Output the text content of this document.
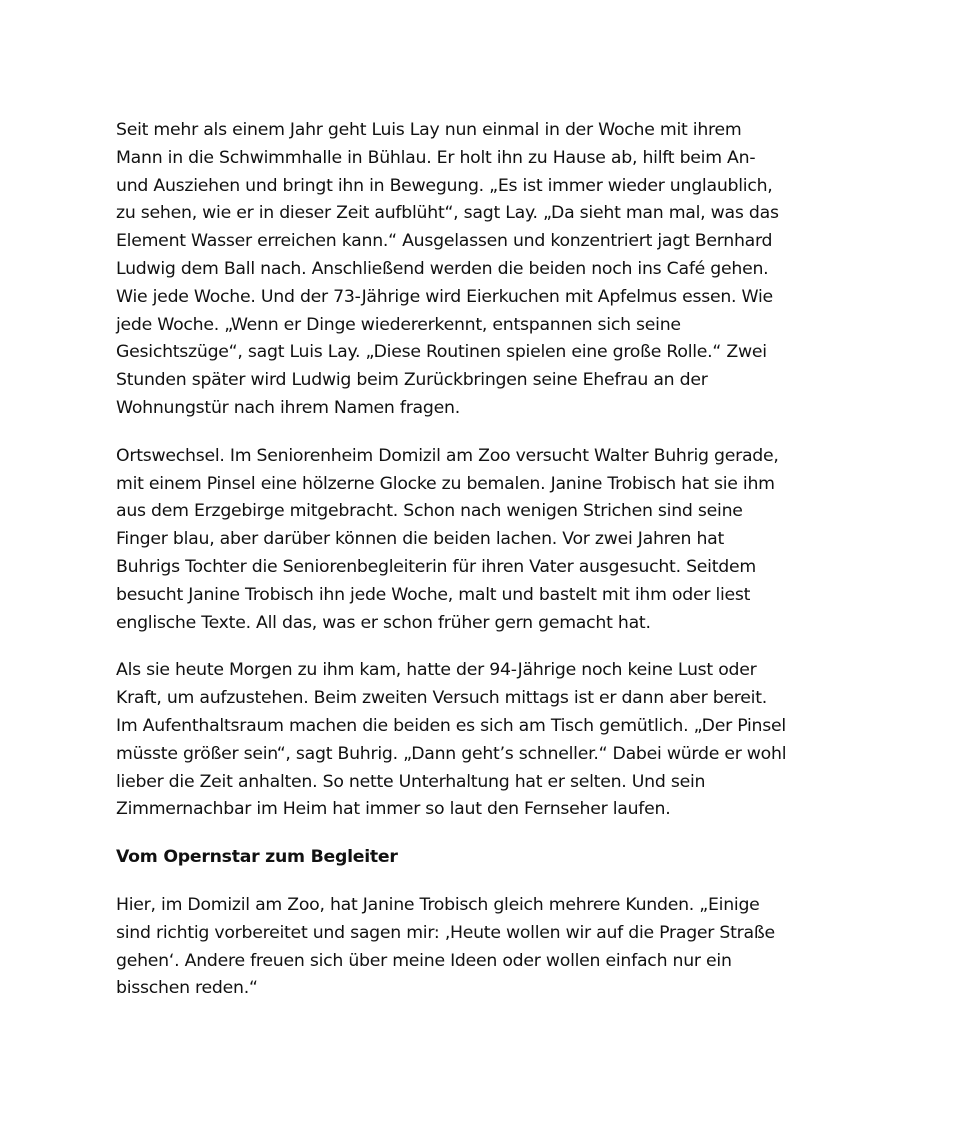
Seit mehr als einem Jahr geht Luis Lay nun einmal in der Woche mit ihrem
Mann in die Schwimmhalle in Bühlau. Er holt ihn zu Hause ab, hilft beim An-
und Ausziehen und bringt ihn in Bewegung. „Es ist immer wieder unglaublich,
zu sehen, wie er in dieser Zeit aufblüht“, sagt Lay. „Da sieht man mal, was das
Element Wasser erreichen kann.“ Ausgelassen und konzentriert jagt Bernhard
Ludwig dem Ball nach. Anschließend werden die beiden noch ins Café gehen.
Wie jede Woche. Und der 73-Jährige wird Eierkuchen mit Apfelmus essen. Wie
jede Woche. „Wenn er Dinge wiedererkennt, entspannen sich seine
Gesichtszüge“, sagt Luis Lay. „Diese Routinen spielen eine große Rolle.“ Zwei
Stunden später wird Ludwig beim Zurückbringen seine Ehefrau an der
Wohnungstür nach ihrem Namen fragen.

Ortswechsel. Im Seniorenheim Domizil am Zoo versucht Walter Buhrig gerade,
mit einem Pinsel eine hölzerne Glocke zu bemalen. Janine Trobisch hat sie ihm
aus dem Erzgebirge mitgebracht. Schon nach wenigen Strichen sind seine
Finger blau, aber darüber können die beiden lachen. Vor zwei Jahren hat
Buhrigs Tochter die Seniorenbegleiterin für ihren Vater ausgesucht. Seitdem
besucht Janine Trobisch ihn jede Woche, malt und bastelt mit ihm oder liest
englische Texte. All das, was er schon früher gern gemacht hat.

Als sie heute Morgen zu ihm kam, hatte der 94-Jährige noch keine Lust oder
Kraft, um aufzustehen. Beim zweiten Versuch mittags ist er dann aber bereit.
Im Aufenthaltsraum machen die beiden es sich am Tisch gemütlich. „Der Pinsel
müsste größer sein“, sagt Buhrig. „Dann geht’s schneller.“ Dabei würde er wohl
lieber die Zeit anhalten. So nette Unterhaltung hat er selten. Und sein
Zimmernachbar im Heim hat immer so laut den Fernseher laufen.

Vom Opernstar zum Begleiter

Hier, im Domizil am Zoo, hat Janine Trobisch gleich mehrere Kunden. „Einige
sind richtig vorbereitet und sagen mir: ‚Heute wollen wir auf die Prager Straße
gehen‘. Andere freuen sich über meine Ideen oder wollen einfach nur ein
bisschen reden.“
